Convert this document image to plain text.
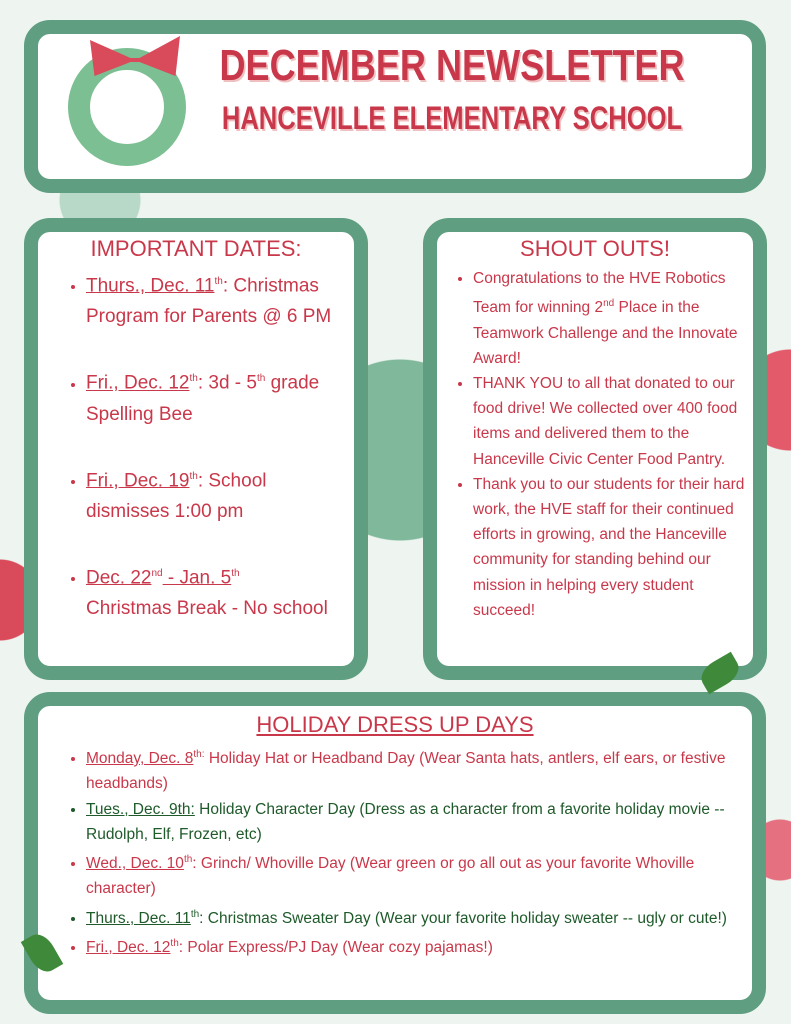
DECEMBER NEWSLETTER
HANCEVILLE ELEMENTARY SCHOOL
IMPORTANT DATES:
• Thurs., Dec. 11th: Christmas Program for Parents @ 6 PM
• Fri., Dec. 12th: 3d - 5th grade Spelling Bee
• Fri., Dec. 19th: School dismisses 1:00 pm
• Dec. 22nd - Jan. 5th
Christmas Break - No school
SHOUT OUTS!
• Congratulations to the HVE Robotics Team for winning 2nd Place in the Teamwork Challenge and the Innovate Award!
• THANK YOU to all that donated to our food drive! We collected over 400 food items and delivered them to the Hanceville Civic Center Food Pantry.
• Thank you to our students for their hard work, the HVE staff for their continued efforts in growing, and the Hanceville community for standing behind our mission in helping every student succeed!
HOLIDAY DRESS UP DAYS
• Monday, Dec. $8^{th:}$ Holiday Hat or Headband Day (Wear Santa hats, antlers, elf ears, or festive headbands)
• Tues., Dec. 9th: Holiday Character Day (Dress as a character from a favorite holiday movie -- Rudolph, Elf, Frozen, etc)
• Wed., Dec. 10th: Grinch/ Whoville Day (Wear green or go all out as your favorite Whoville character)
• Thurs., Dec. 11th: Christmas Sweater Day (Wear your favorite holiday sweater -- ugly or cute!)
• Fri., Dec. 12th: Polar Express/PJ Day (Wear cozy pajamas!)
